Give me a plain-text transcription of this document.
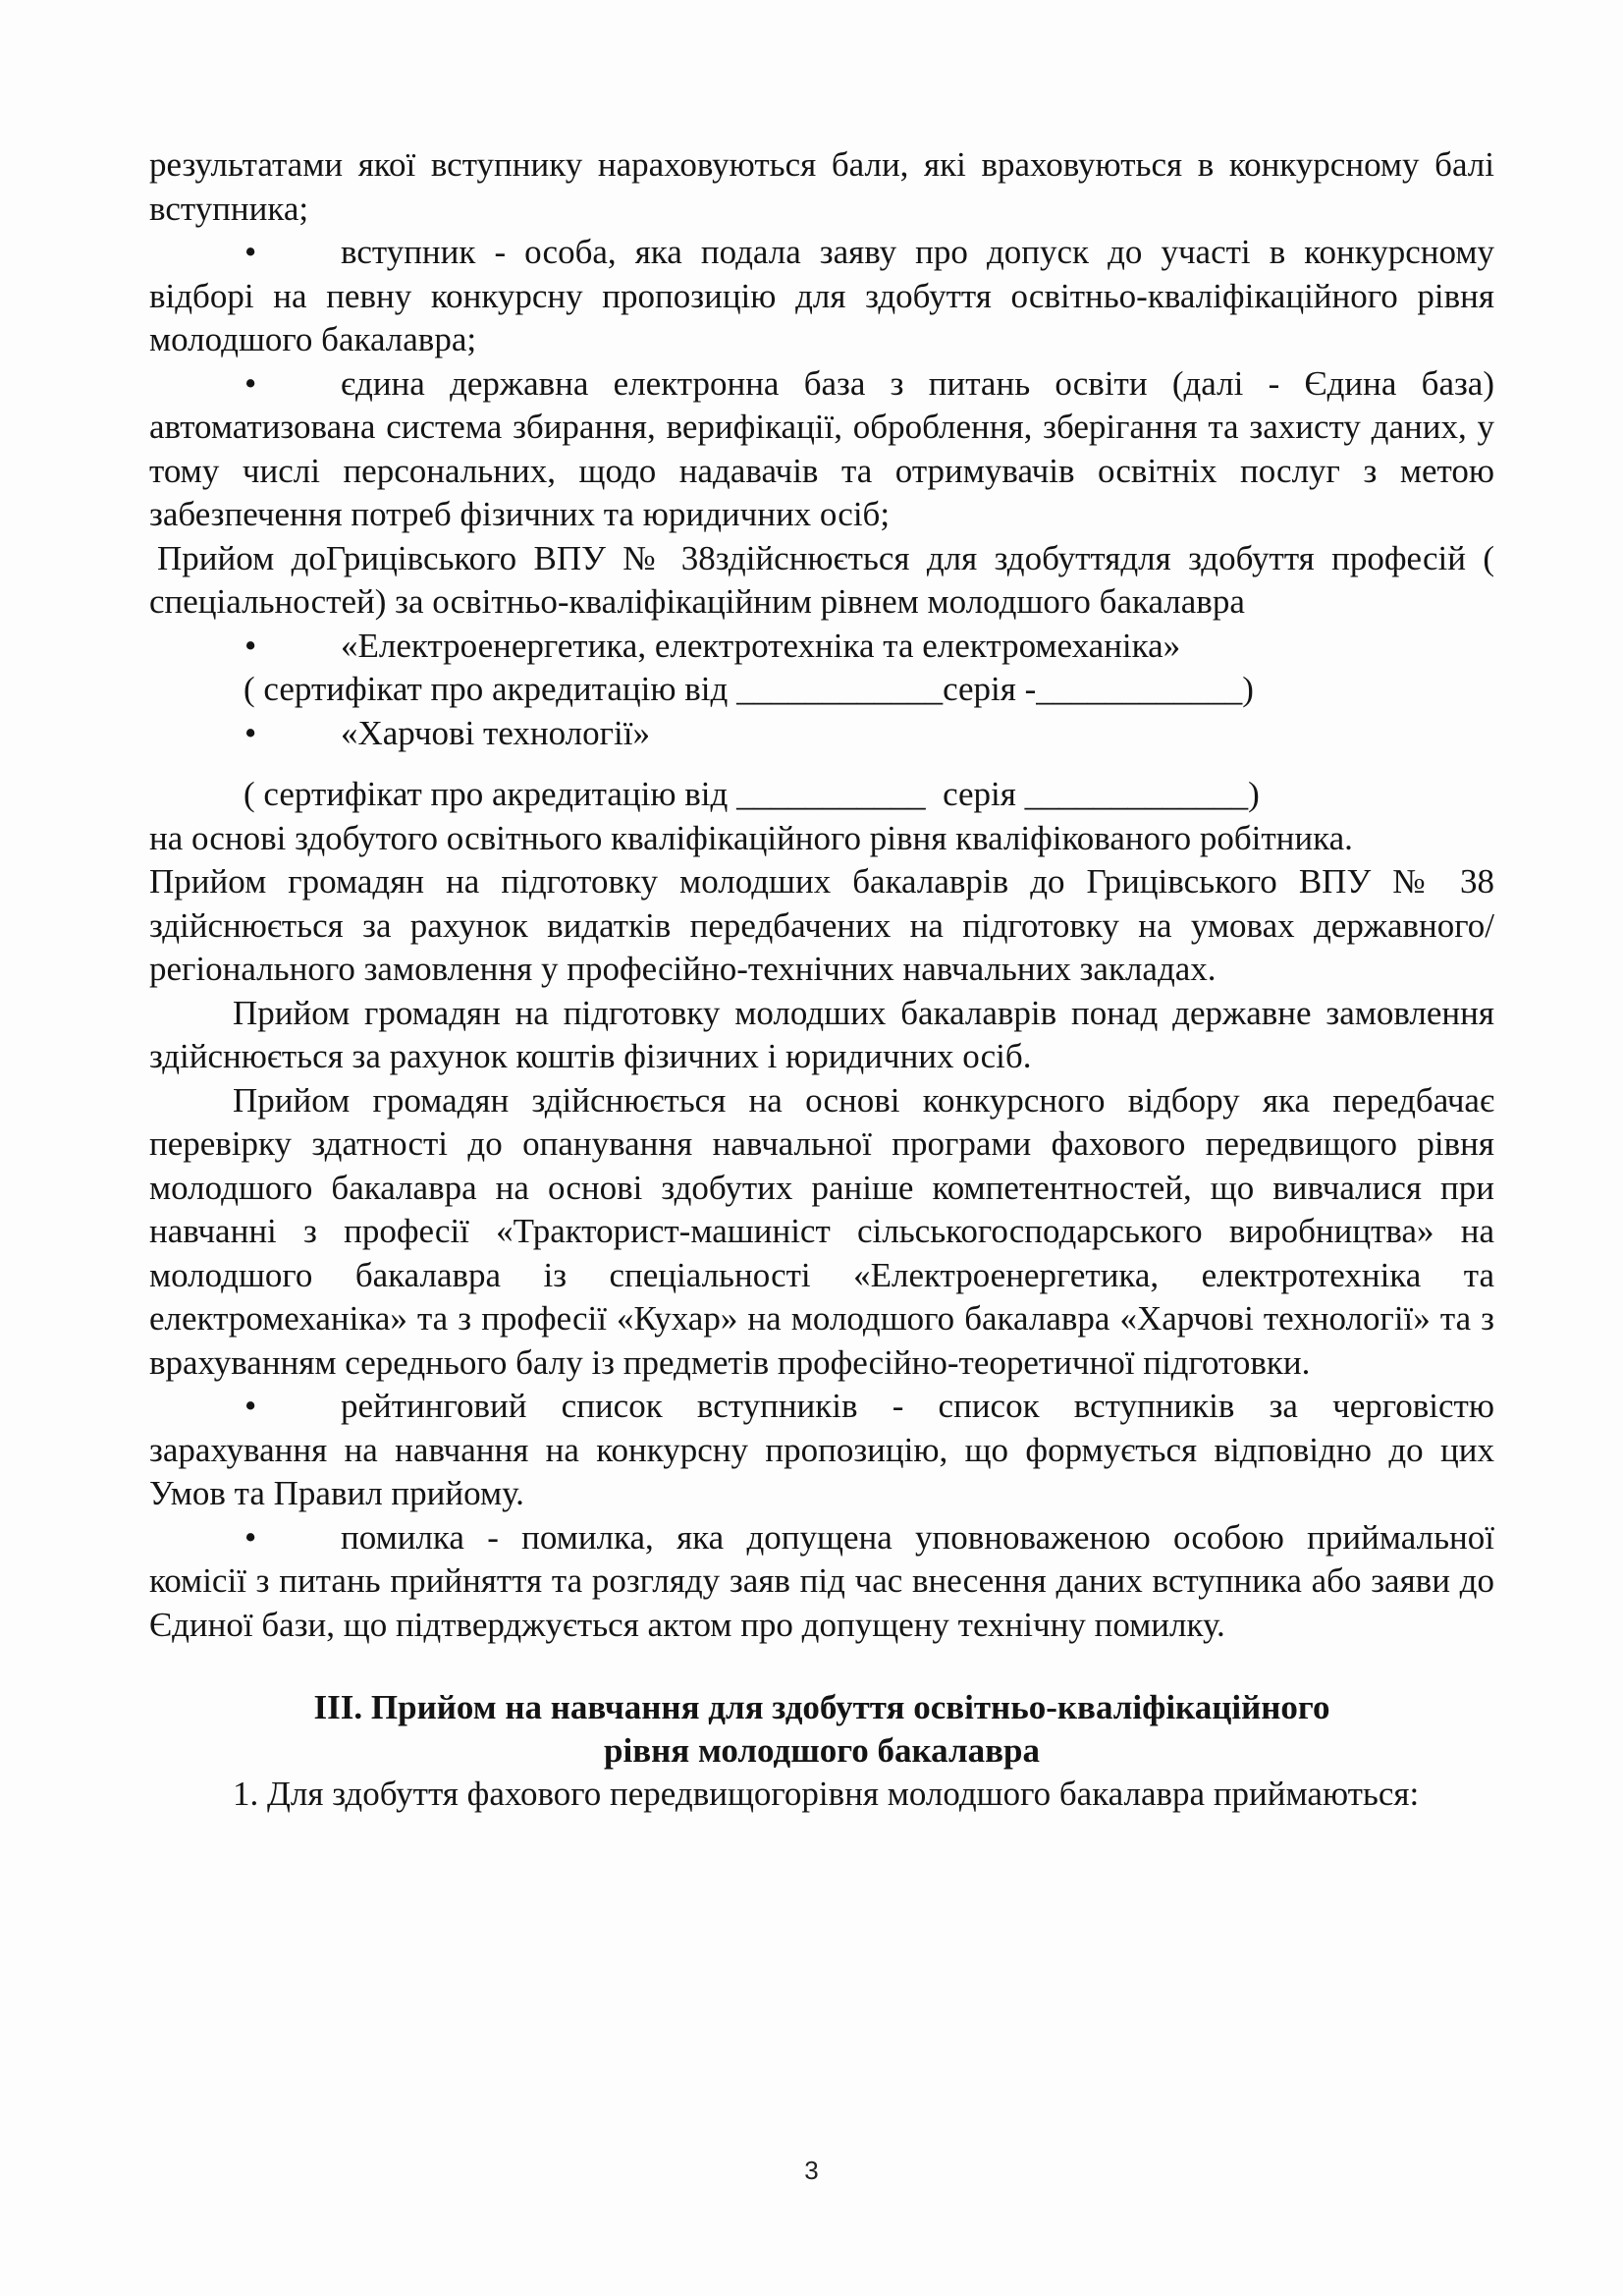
результатами якої вступнику нараховуються бали, які враховуються в конкурсному балі вступника;

•	вступник - особа, яка подала заяву про допуск до участі в конкурсному відборі на певну конкурсну пропозицію для здобуття освітньо-кваліфікаційного рівня молодшого бакалавра;
•	єдина державна електронна база з питань освіти (далі - Єдина база) автоматизована система збирання, верифікації, оброблення, зберігання та захисту даних, у тому числі персональних, щодо надавачів та отримувачів освітніх послуг з метою забезпечення потреб фізичних та юридичних осіб;

Прийом доГрицівського ВПУ № 38здійснюється для здобуттядля здобуття професій ( спеціальностей) за освітньо-кваліфікаційним рівнем молодшого бакалавра

•	«Електроенергетика, електротехніка та електромеханіка»

( сертифікат про акредитацію від ____________серія -____________)

•	«Харчові технології»

( сертифікат про акредитацію від ___________  серія _____________)

на основі здобутого освітнього кваліфікаційного рівня кваліфікованого робітника.

Прийом громадян на підготовку молодших бакалаврів до Грицівського ВПУ № 38 здійснюється за рахунок видатків передбачених на підготовку на умовах державного/регіонального замовлення у професійно-технічних навчальних закладах.

Прийом громадян на підготовку молодших бакалаврів понад державне замовлення здійснюється за рахунок коштів фізичних і юридичних осіб.

Прийом громадян здійснюється на основі конкурсного відбору яка передбачає перевірку здатності до опанування навчальної програми фахового передвищого рівня молодшого бакалавра на основі здобутих раніше компетентностей, що вивчалися при навчанні з професії «Тракторист-машиніст сільськогосподарського виробництва» на молодшого бакалавра із спеціальності «Електроенергетика, електротехніка та електромеханіка» та з професії «Кухар» на молодшого бакалавра «Харчові технології» та з врахуванням середнього балу із предметів професійно-теоретичної підготовки.

•	рейтинговий список вступників - список вступників за черговістю зарахування на навчання на конкурсну пропозицію, що формується відповідно до цих Умов та Правил прийому.
•	помилка - помилка, яка допущена уповноваженою особою приймальної комісії з питань прийняття та розгляду заяв під час внесення даних вступника або заяви до Єдиної бази, що підтверджується актом про допущену технічну помилку.
ІІІ. Прийом на навчання для здобуття освітньо-кваліфікаційного
рівня молодшого бакалавра

1. Для здобуття фахового передвищогорівня молодшого бакалавра приймаються:

3
